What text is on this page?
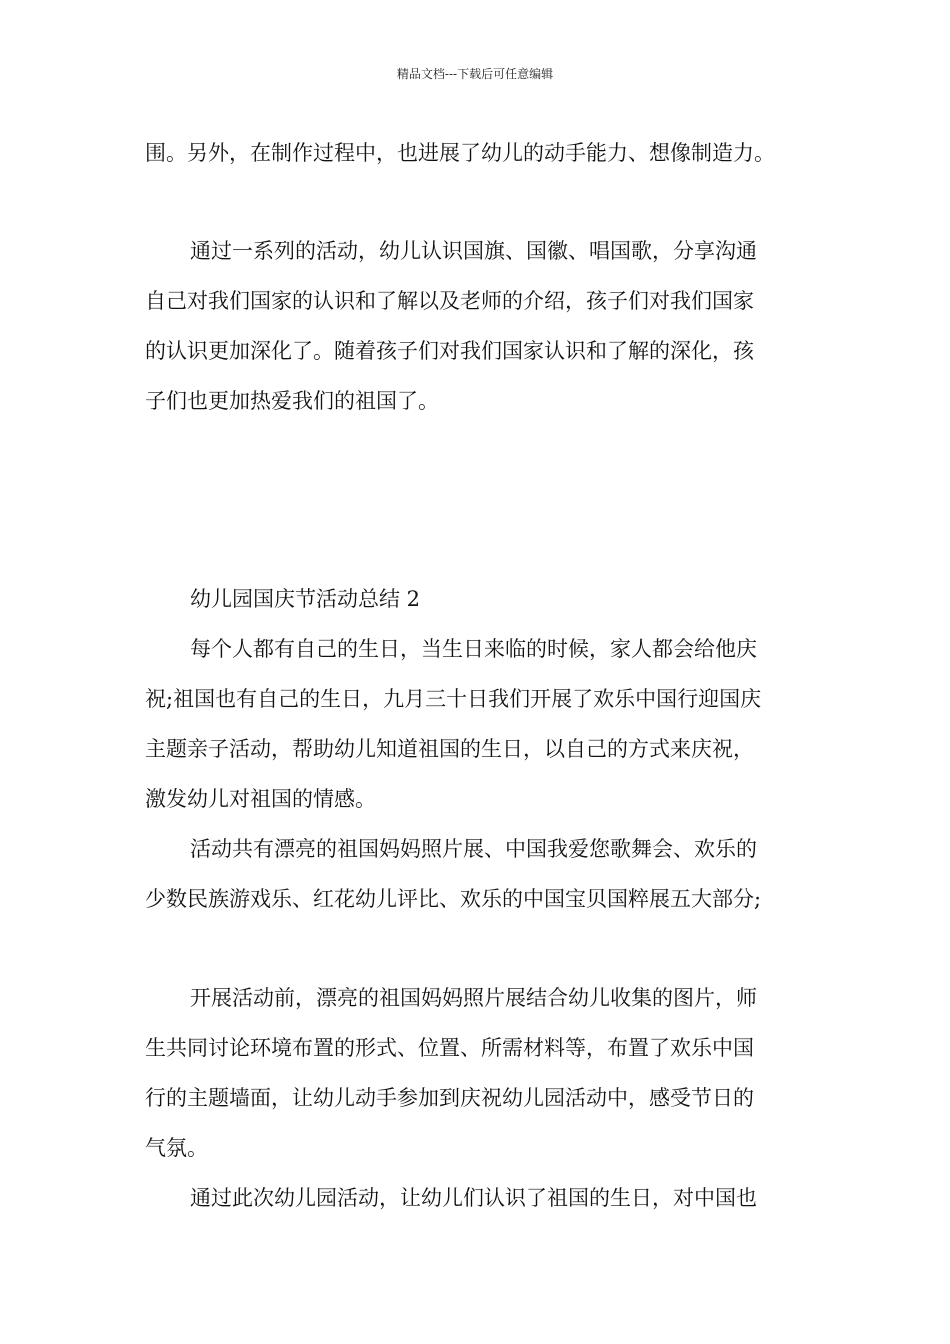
精品文档---下载后可任意编辑
围。另外，在制作过程中，也进展了幼儿的动手能力、想像制造力。
通过一系列的活动，幼儿认识国旗、国徽、唱国歌，分享沟通
自己对我们国家的认识和了解以及老师的介绍，孩子们对我们国家
的认识更加深化了。随着孩子们对我们国家认识和了解的深化，孩
子们也更加热爱我们的祖国了。
幼儿园国庆节活动总结 2
每个人都有自己的生日，当生日来临的时候，家人都会给他庆
祝;祖国也有自己的生日，九月三十日我们开展了欢乐中国行迎国庆
主题亲子活动，帮助幼儿知道祖国的生日，以自己的方式来庆祝，
激发幼儿对祖国的情感。
活动共有漂亮的祖国妈妈照片展、中国我爱您歌舞会、欢乐的
少数民族游戏乐、红花幼儿评比、欢乐的中国宝贝国粹展五大部分;
开展活动前，漂亮的祖国妈妈照片展结合幼儿收集的图片，师
生共同讨论环境布置的形式、位置、所需材料等，布置了欢乐中国
行的主题墙面，让幼儿动手参加到庆祝幼儿园活动中，感受节日的
气氛。
通过此次幼儿园活动，让幼儿们认识了祖国的生日，对中国也
